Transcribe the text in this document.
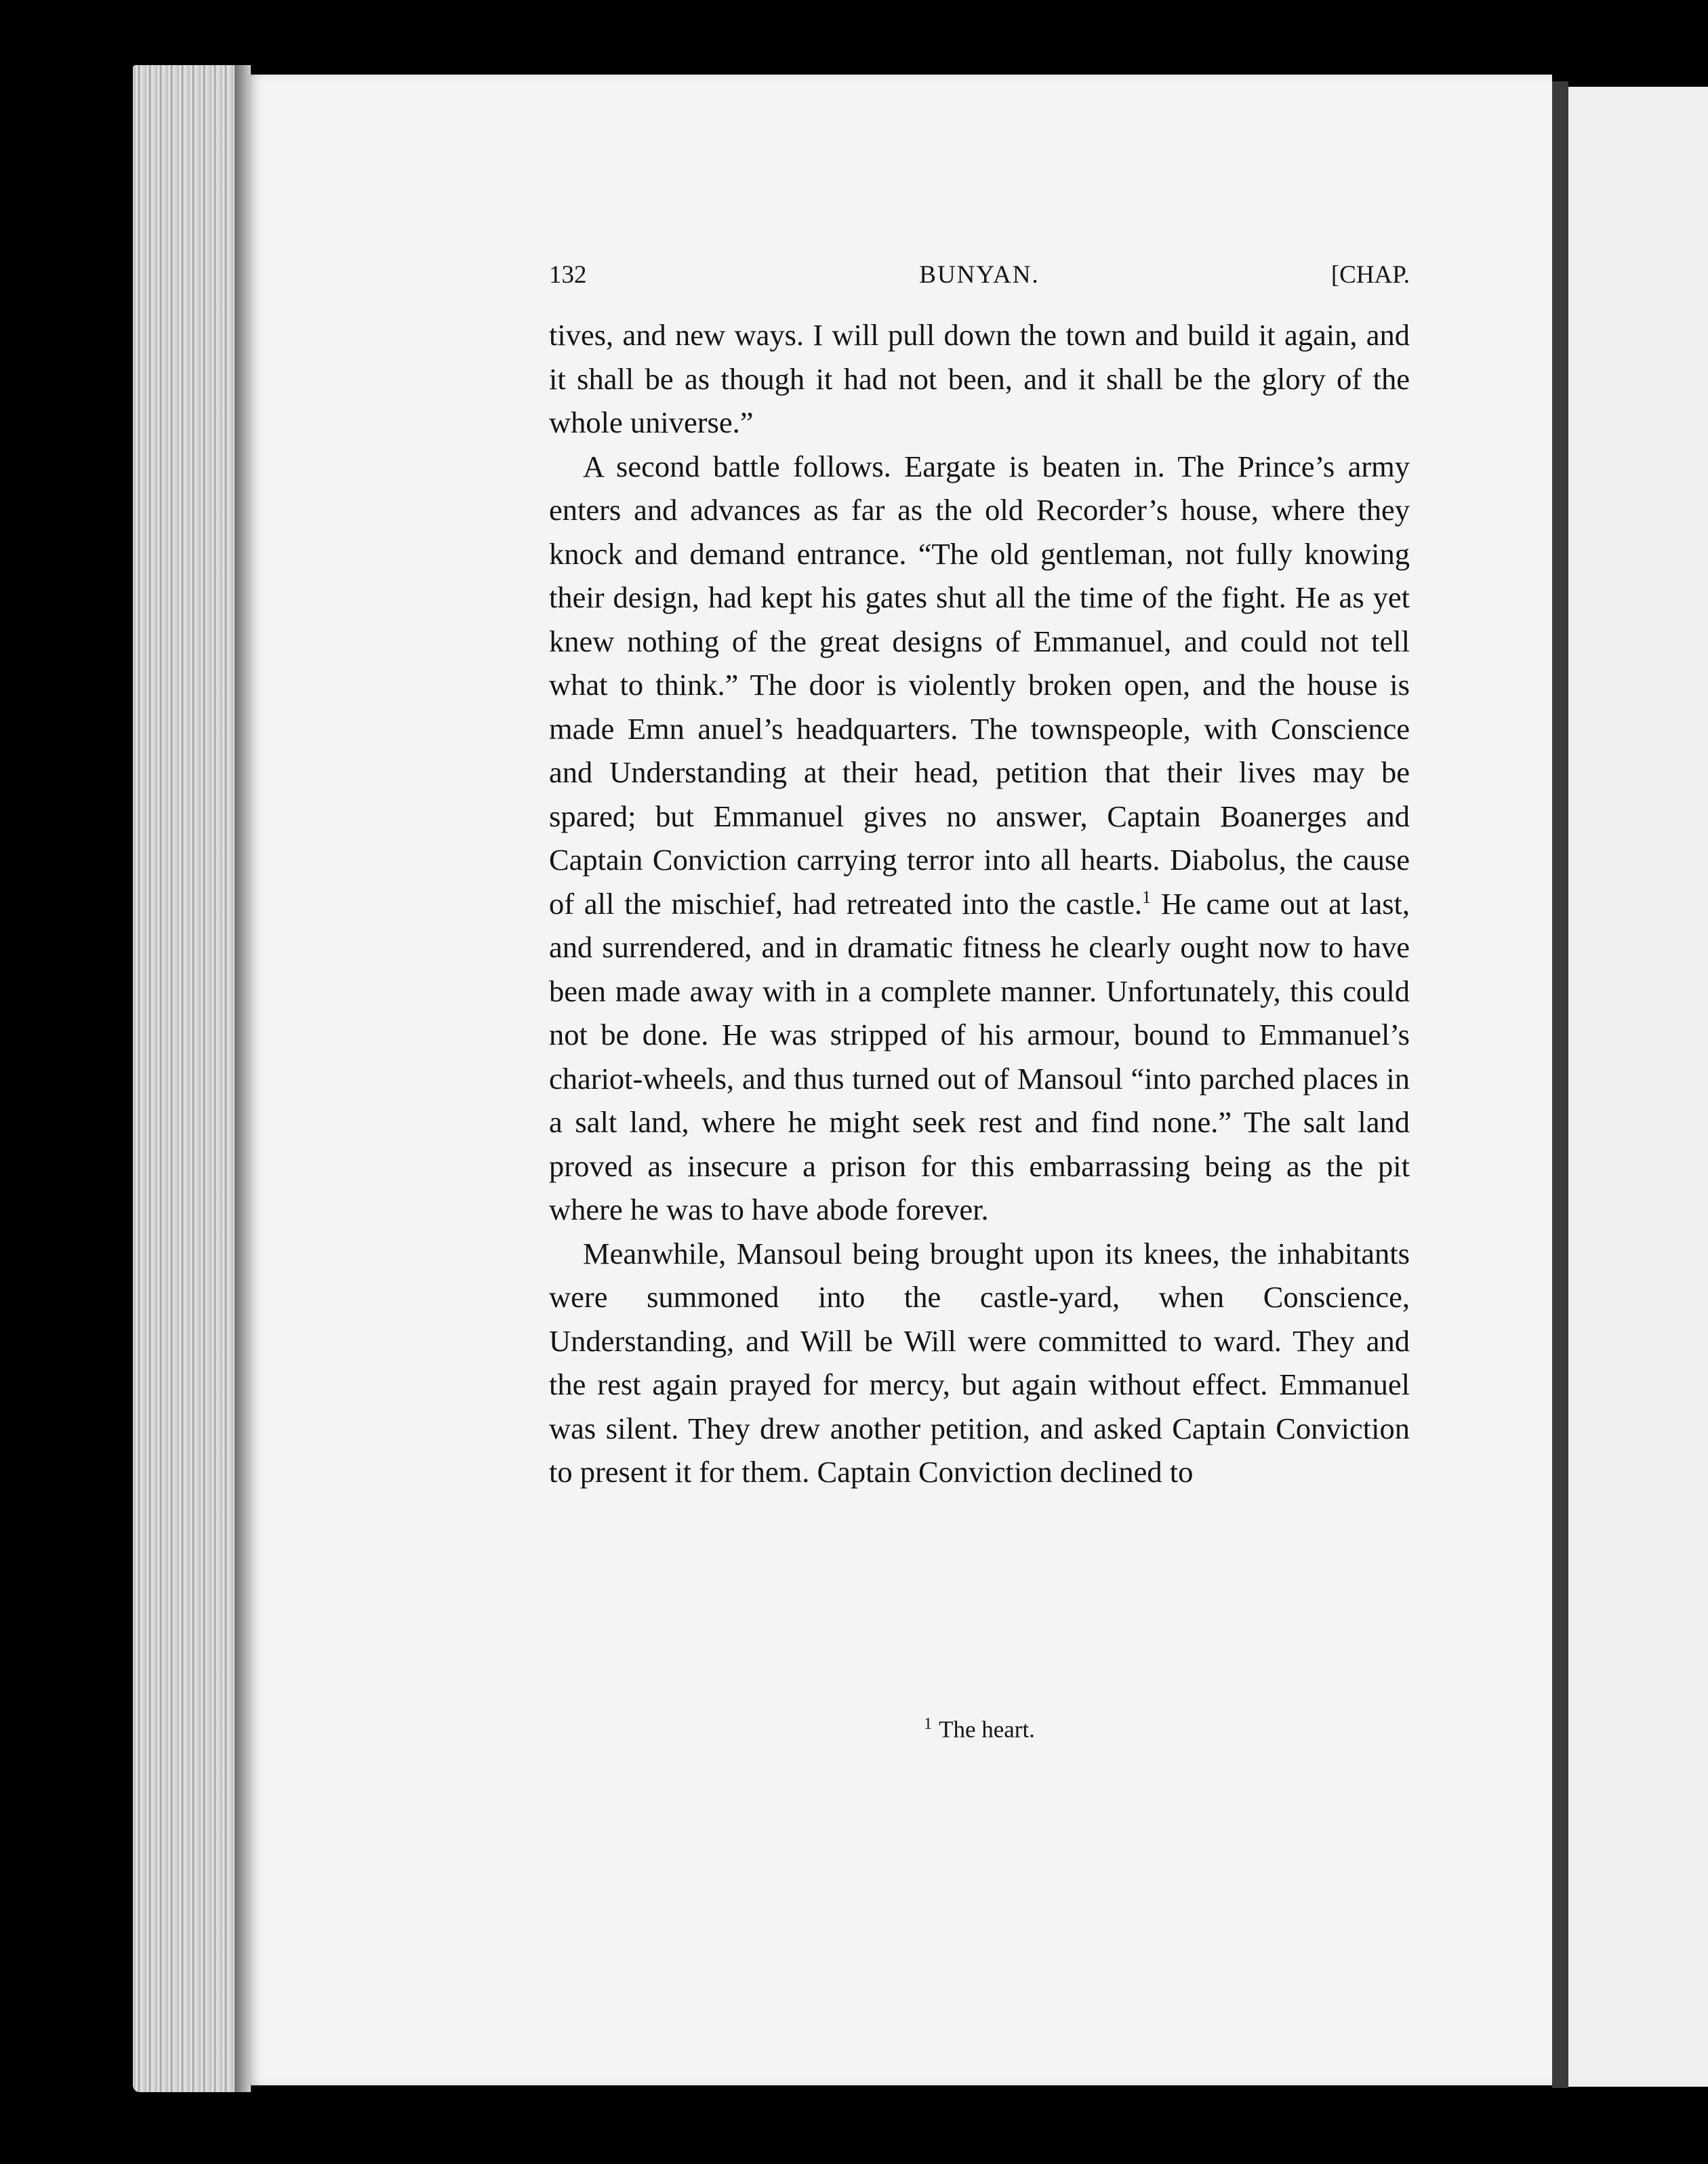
132	BUNYAN.	[CHAP.

tives, and new ways. I will pull down the town and build it again, and it shall be as though it had not been, and it shall be the glory of the whole universe.”

A second battle follows. Eargate is beaten in. The Prince’s army enters and advances as far as the old Recorder’s house, where they knock and demand entrance. “The old gentleman, not fully knowing their design, had kept his gates shut all the time of the fight. He as yet knew nothing of the great designs of Emmanuel, and could not tell what to think.” The door is violently broken open, and the house is made Emn anuel’s headquarters. The townspeople, with Conscience and Understanding at their head, petition that their lives may be spared; but Emmanuel gives no answer, Captain Boanerges and Captain Conviction carrying terror into all hearts. Diabolus, the cause of all the mischief, had retreated into the castle.$^1$ He came out at last, and surrendered, and in dramatic fitness he clearly ought now to have been made away with in a complete manner. Unfortunately, this could not be done. He was stripped of his armour, bound to Emmanuel’s chariot-wheels, and thus turned out of Mansoul “into parched places in a salt land, where he might seek rest and find none.” The salt land proved as insecure a prison for this embarrassing being as the pit where he was to have abode forever.

Meanwhile, Mansoul being brought upon its knees, the inhabitants were summoned into the castle-yard, when Conscience, Understanding, and Will be Will were committed to ward. They and the rest again prayed for mercy, but again without effect. Emmanuel was silent. They drew another petition, and asked Captain Conviction to present it for them. Captain Conviction declined to

$^1$ The heart.
